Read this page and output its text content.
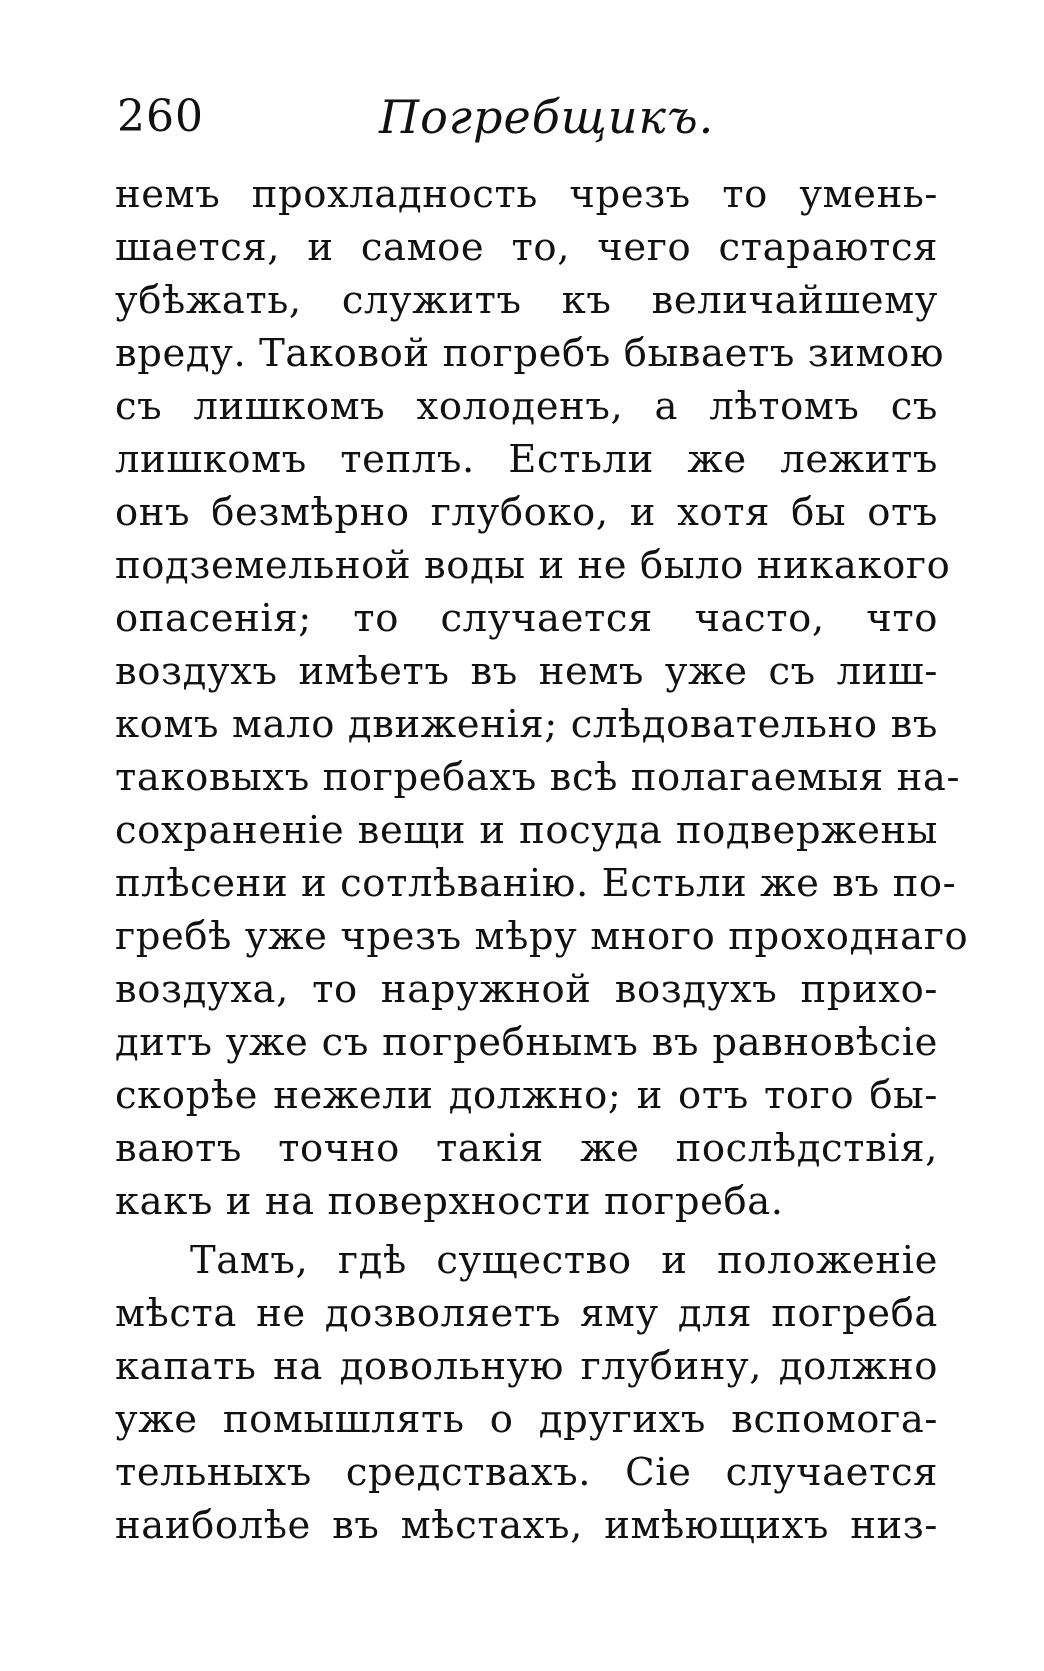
260	Погребщикъ.
немъ прохладность чрезъ то умень-
шается, и самое то, чего стараются
убѣжать, служитъ къ величайшему
вреду. Таковой погребъ бываетъ зимою
съ лишкомъ холоденъ, а лѣтомъ съ
лишкомъ теплъ. Естьли же лежитъ
онъ безмѣрно глубоко, и хотя бы отъ
подземельной воды и не было никакого
опасенія; то случается часто, что
воздухъ имѣетъ въ немъ уже съ лиш-
комъ мало движенія; слѣдовательно въ
таковыхъ погребахъ всѣ полагаемыя на-
сохраненіе вещи и посуда подвержены
плѣсени и сотлѣванію. Естьли же въ по-
гребѣ уже чрезъ мѣру много проходнаго
воздуха, то наружной воздухъ прихо-
дитъ уже съ погребнымъ въ равновѣсіе
скорѣе нежели должно; и отъ того бы-
ваютъ точно такія же послѣдствія,
какъ и на поверхности погреба.
Тамъ, гдѣ существо и положеніе
мѣста не дозволяетъ яму для погреба
капать на довольную глубину, должно
уже помышлять о другихъ вспомога-
тельныхъ средствахъ. Сіе случается
наиболѣе въ мѣстахъ, имѣющихъ низ-
